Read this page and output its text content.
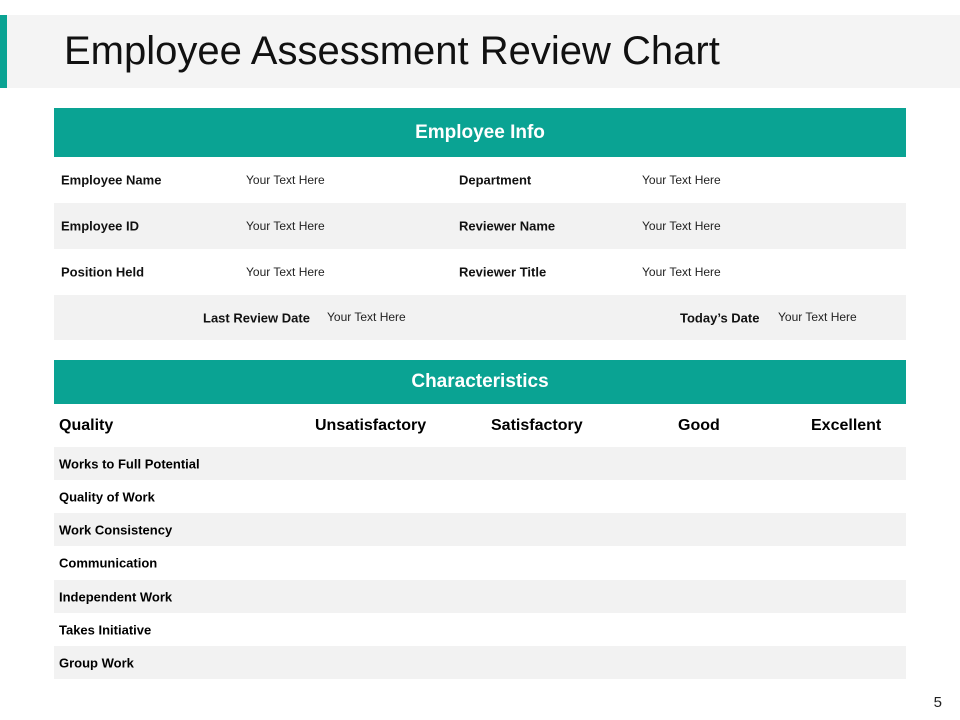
Employee Assessment Review Chart
Employee Info
Employee Name	Your Text Here	Department	Your Text Here
Employee ID	Your Text Here	Reviewer Name	Your Text Here
Position Held	Your Text Here	Reviewer Title	Your Text Here
Last Review Date Your Text Here	Today’s Date Your Text Here
Characteristics
Quality	Unsatisfactory	Satisfactory	Good	Excellent
Works to Full Potential
Quality of Work
Work Consistency
Communication
Independent Work
Takes Initiative
Group Work
5
